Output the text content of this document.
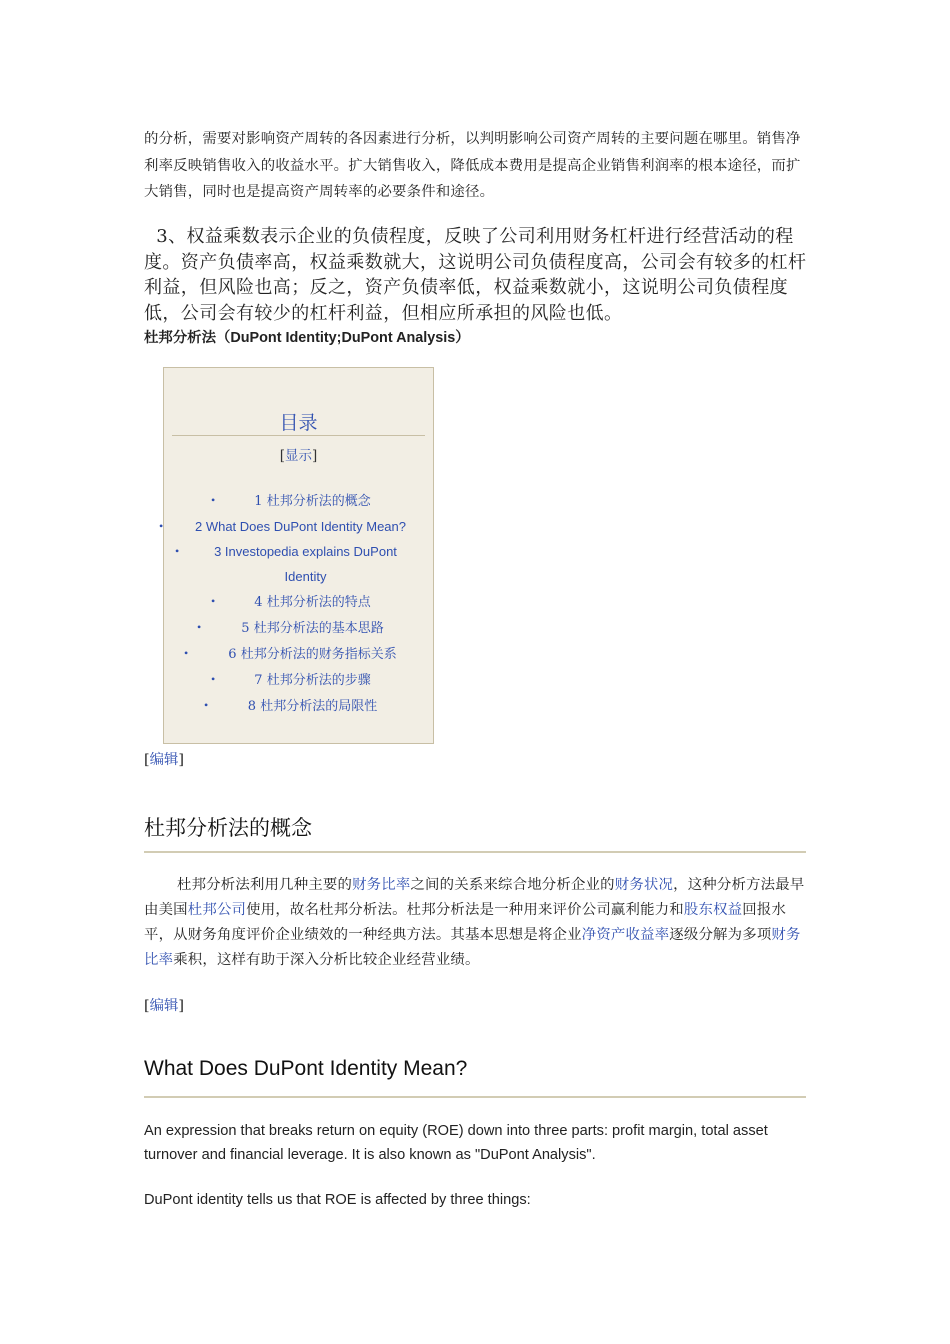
的分析，需要对影响资产周转的各因素进行分析，以判明影响公司资产周转的主要问题在哪里。销售净利率反映销售收入的收益水平。扩大销售收入，降低成本费用是提高企业销售利润率的根本途径，而扩大销售，同时也是提高资产周转率的必要条件和途径。

3、权益乘数表示企业的负债程度，反映了公司利用财务杠杆进行经营活动的程度。资产负债率高，权益乘数就大，这说明公司负债程度高，公司会有较多的杠杆利益，但风险也高；反之，资产负债率低，权益乘数就小，这说明公司负债程度低，公司会有较少的杠杆利益，但相应所承担的风险也低。

杜邦分析法（DuPont Identity;DuPont Analysis）

目录

[显示]
•	1 杜邦分析法的概念
• 2 What Does DuPont Identity Mean?
•	3 Investopedia explains DuPont Identity
•	4 杜邦分析法的特点
•	5 杜邦分析法的基本思路
•	6 杜邦分析法的财务指标关系
•	7 杜邦分析法的步骤
•	8 杜邦分析法的局限性

[编辑]

杜邦分析法的概念

杜邦分析法利用几种主要的财务比率之间的关系来综合地分析企业的财务状况，这种分析方法最早由美国杜邦公司使用，故名杜邦分析法。杜邦分析法是一种用来评价公司赢利能力和股东权益回报水平，从财务角度评价企业绩效的一种经典方法。其基本思想是将企业净资产收益率逐级分解为多项财务比率乘积，这样有助于深入分析比较企业经营业绩。

[编辑]

What Does DuPont Identity Mean?

An expression that breaks return on equity (ROE) down into three parts: profit margin, total asset turnover and financial leverage. It is also known as "DuPont Analysis".

DuPont identity tells us that ROE is affected by three things:
